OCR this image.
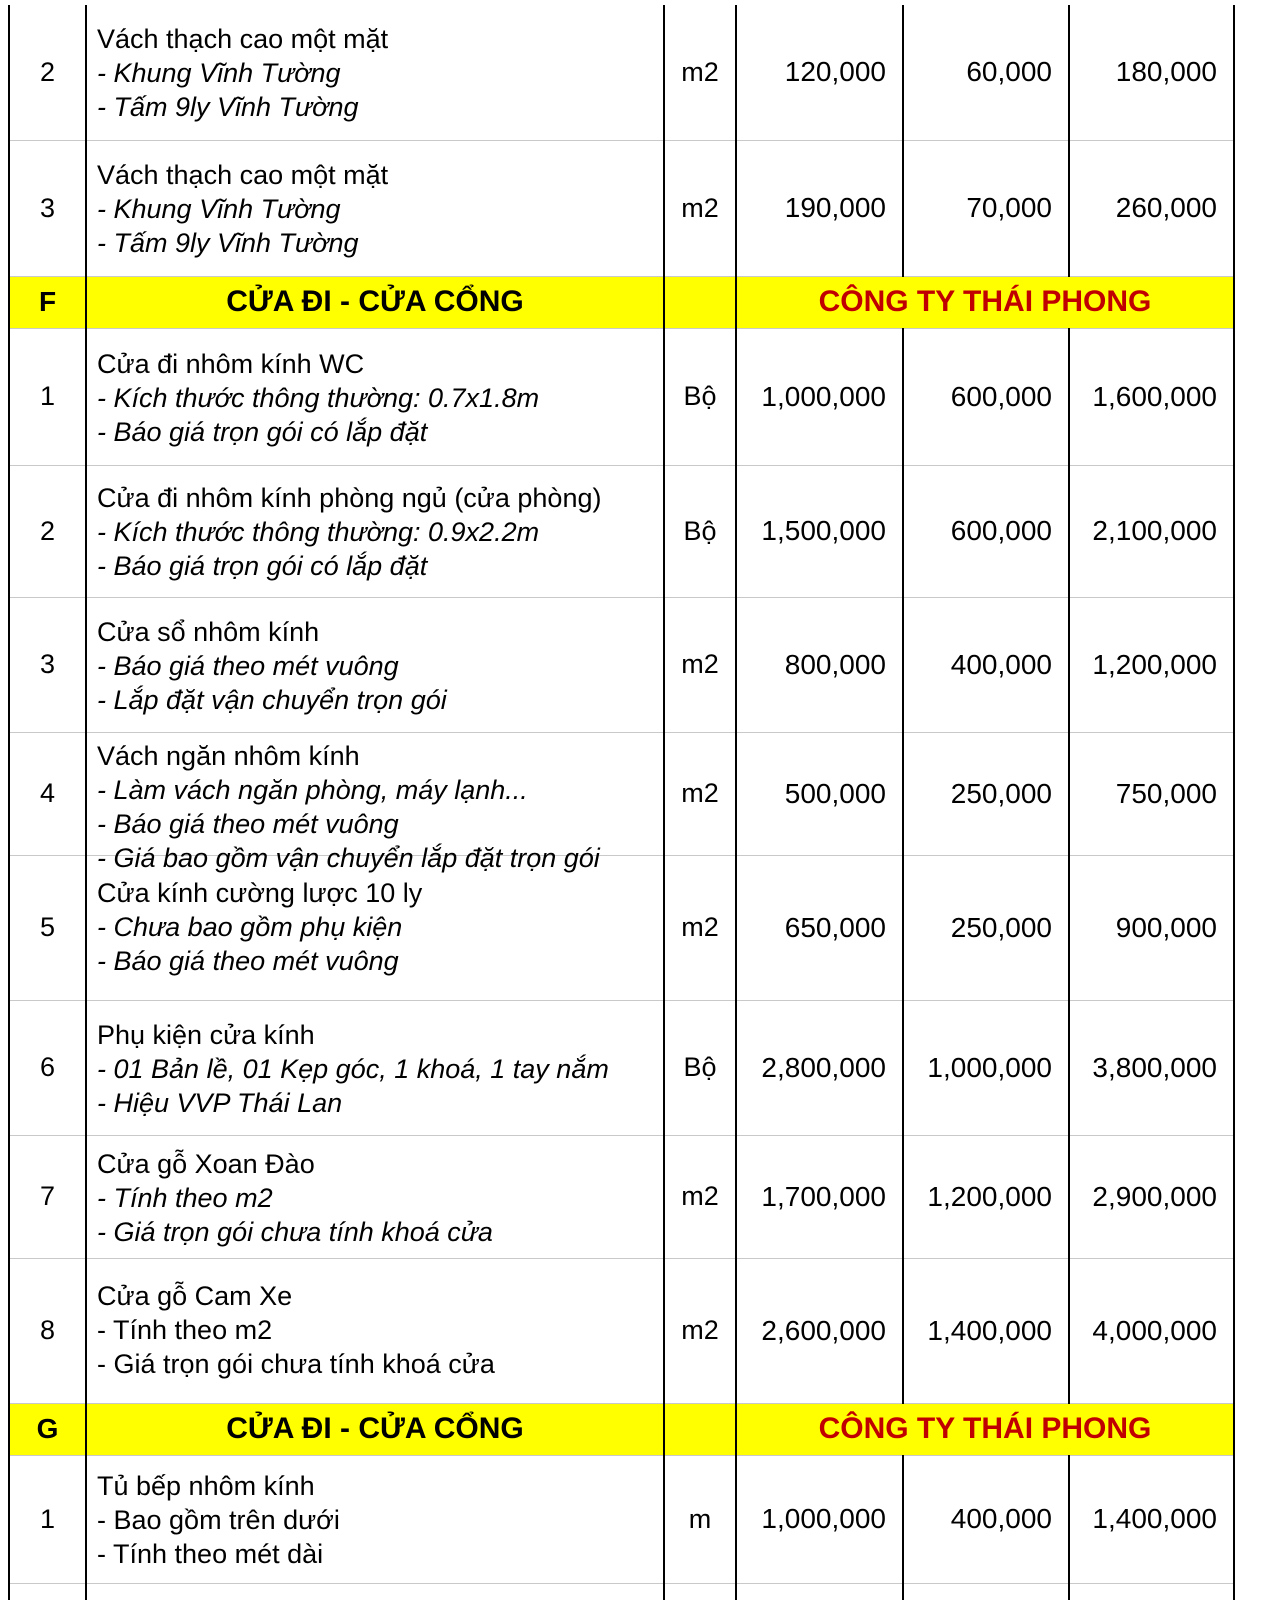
2	Vách thạch cao một mặt
- Khung Vĩnh Tường
- Tấm 9ly Vĩnh Tường	m2	120,000	60,000	180,000
3	Vách thạch cao một mặt
- Khung Vĩnh Tường
- Tấm 9ly Vĩnh Tường	m2	190,000	70,000	260,000
F	CỬA ĐI - CỬA CỔNG		CÔNG TY THÁI PHONG		
1	Cửa đi nhôm kính WC
- Kích thước thông thường: 0.7x1.8m
- Báo giá trọn gói có lắp đặt	Bộ	1,000,000	600,000	1,600,000
2	Cửa đi nhôm kính phòng ngủ (cửa phòng)
- Kích thước thông thường: 0.9x2.2m
- Báo giá trọn gói có lắp đặt	Bộ	1,500,000	600,000	2,100,000
3	Cửa sổ nhôm kính
- Báo giá theo mét vuông
- Lắp đặt vận chuyển trọn gói	m2	800,000	400,000	1,200,000
4	Vách ngăn nhôm kính
- Làm vách ngăn phòng, máy lạnh...
- Báo giá theo mét vuông
- Giá bao gồm vận chuyển lắp đặt trọn gói	m2	500,000	250,000	750,000
5	Cửa kính cường lược 10 ly
- Chưa bao gồm phụ kiện
- Báo giá theo mét vuông	m2	650,000	250,000	900,000
6	Phụ kiện cửa kính
- 01 Bản lề, 01 Kẹp góc, 1 khoá, 1 tay nắm
- Hiệu VVP Thái Lan	Bộ	2,800,000	1,000,000	3,800,000
7	Cửa gỗ Xoan Đào
- Tính theo m2
- Giá trọn gói chưa tính khoá cửa	m2	1,700,000	1,200,000	2,900,000
8	Cửa gỗ Cam Xe
- Tính theo m2
- Giá trọn gói chưa tính khoá cửa	m2	2,600,000	1,400,000	4,000,000
G	CỬA ĐI - CỬA CỔNG		CÔNG TY THÁI PHONG		
1	Tủ bếp nhôm kính
- Bao gồm trên dưới
- Tính theo mét dài	m	1,000,000	400,000	1,400,000
